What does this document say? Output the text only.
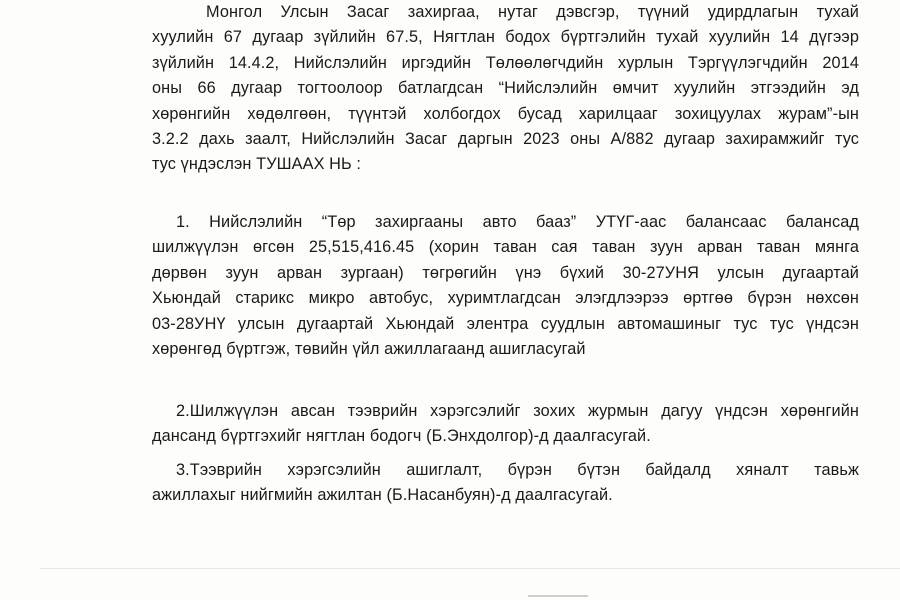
Монгол Улсын Засаг захиргаа, нутаг дэвсгэр, түүний удирдлагын тухай
хуулийн 67 дугаар зүйлийн 67.5, Нягтлан бодох бүртгэлийн тухай хуулийн 14 дүгээр
зүйлийн 14.4.2, Нийслэлийн иргэдийн Төлөөлөгчдийн хурлын Тэргүүлэгчдийн 2014
оны 66 дугаар тогтоолоор батлагдсан “Нийслэлийн өмчит хуулийн этгээдийн эд
хөрөнгийн хөдөлгөөн, түүнтэй холбогдох бусад харилцааг зохицуулах журам”-ын
3.2.2 дахь заалт, Нийслэлийн Засаг даргын 2023 оны А/882 дугаар захирамжийг тус
тус үндэслэн ТУШААХ НЬ :

1. Нийслэлийн “Төр захиргааны авто бааз” УТҮГ-аас балансаас балансад
шилжүүлэн өгсөн 25,515,416.45 (хорин таван сая таван зуун арван таван мянга
дөрвөн зуун арван зургаан) төгрөгийн үнэ бүхий 30-27УНЯ улсын дугаартай
Хьюндай старикс микро автобус, хуримтлагдсан элэгдлээрээ өртгөө бүрэн нөхсөн
03-28УНҮ улсын дугаартай Хьюндай элентра суудлын автомашиныг тус тус үндсэн
хөрөнгөд бүртгэж, төвийн үйл ажиллагаанд ашигласугай

2.Шилжүүлэн авсан тээврийн хэрэгсэлийг зохих журмын дагуу үндсэн хөрөнгийн
дансанд бүртгэхийг нягтлан бодогч (Б.Энхдолгор)-д даалгасугай.

3.Тээврийн хэрэгсэлийн ашиглалт, бүрэн бүтэн байдалд хяналт тавьж
ажиллахыг нийгмийн ажилтан (Б.Насанбуян)-д даалгасугай.
